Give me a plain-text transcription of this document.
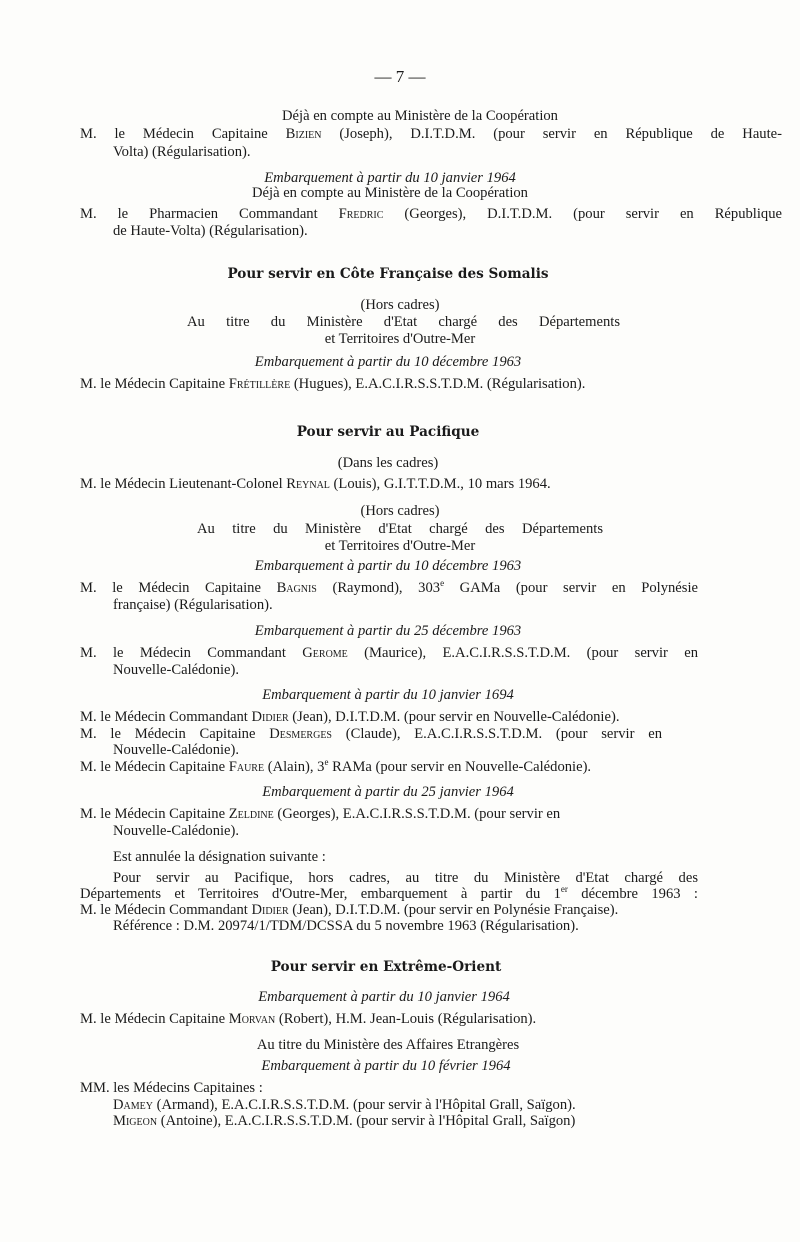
— 7 —
Déjà en compte au Ministère de la Coopération
M. le Médecin Capitaine Bizien (Joseph), D.I.T.D.M. (pour servir en République de Haute-
Volta) (Régularisation).
Embarquement à partir du 10 janvier 1964
Déjà en compte au Ministère de la Coopération
M. le Pharmacien Commandant Fredric (Georges), D.I.T.D.M. (pour servir en République
de Haute-Volta) (Régularisation).
Pour servir en Côte Française des Somalis
(Hors cadres)
Au titre du Ministère d'Etat chargé des Départements
et Territoires d'Outre-Mer
Embarquement à partir du 10 décembre 1963
M. le Médecin Capitaine Frétillère (Hugues), E.A.C.I.R.S.S.T.D.M. (Régularisation).
Pour servir au Pacifique
(Dans les cadres)
M. le Médecin Lieutenant-Colonel Reynal (Louis), G.I.T.T.D.M., 10 mars 1964.
(Hors cadres)
Au titre du Ministère d'Etat chargé des Départements
et Territoires d'Outre-Mer
Embarquement à partir du 10 décembre 1963
M. le Médecin Capitaine Bagnis (Raymond), 303e GAMa (pour servir en Polynésie
française) (Régularisation).
Embarquement à partir du 25 décembre 1963
M. le Médecin Commandant Gerome (Maurice), E.A.C.I.R.S.S.T.D.M. (pour servir en
Nouvelle-Calédonie).
Embarquement à partir du 10 janvier 1694
M. le Médecin Commandant Didier (Jean), D.I.T.D.M. (pour servir en Nouvelle-Calédonie).
M. le Médecin Capitaine Desmerges (Claude), E.A.C.I.R.S.S.T.D.M. (pour servir en
Nouvelle-Calédonie).
M. le Médecin Capitaine Faure (Alain), 3e RAMa (pour servir en Nouvelle-Calédonie).
Embarquement à partir du 25 janvier 1964
M. le Médecin Capitaine Zeldine (Georges), E.A.C.I.R.S.S.T.D.M. (pour servir en
Nouvelle-Calédonie).
Est annulée la désignation suivante :
Pour servir au Pacifique, hors cadres, au titre du Ministère d'Etat chargé des
Départements et Territoires d'Outre-Mer, embarquement à partir du 1er décembre 1963 :
M. le Médecin Commandant Didier (Jean), D.I.T.D.M. (pour servir en Polynésie Française).
Référence : D.M. 20974/1/TDM/DCSSA du 5 novembre 1963 (Régularisation).
Pour servir en Extrême-Orient
Embarquement à partir du 10 janvier 1964
M. le Médecin Capitaine Morvan (Robert), H.M. Jean-Louis (Régularisation).
Au titre du Ministère des Affaires Etrangères
Embarquement à partir du 10 février 1964
MM. les Médecins Capitaines :
Damey (Armand), E.A.C.I.R.S.S.T.D.M. (pour servir à l'Hôpital Grall, Saïgon).
Migeon (Antoine), E.A.C.I.R.S.S.T.D.M. (pour servir à l'Hôpital Grall, Saïgon)
